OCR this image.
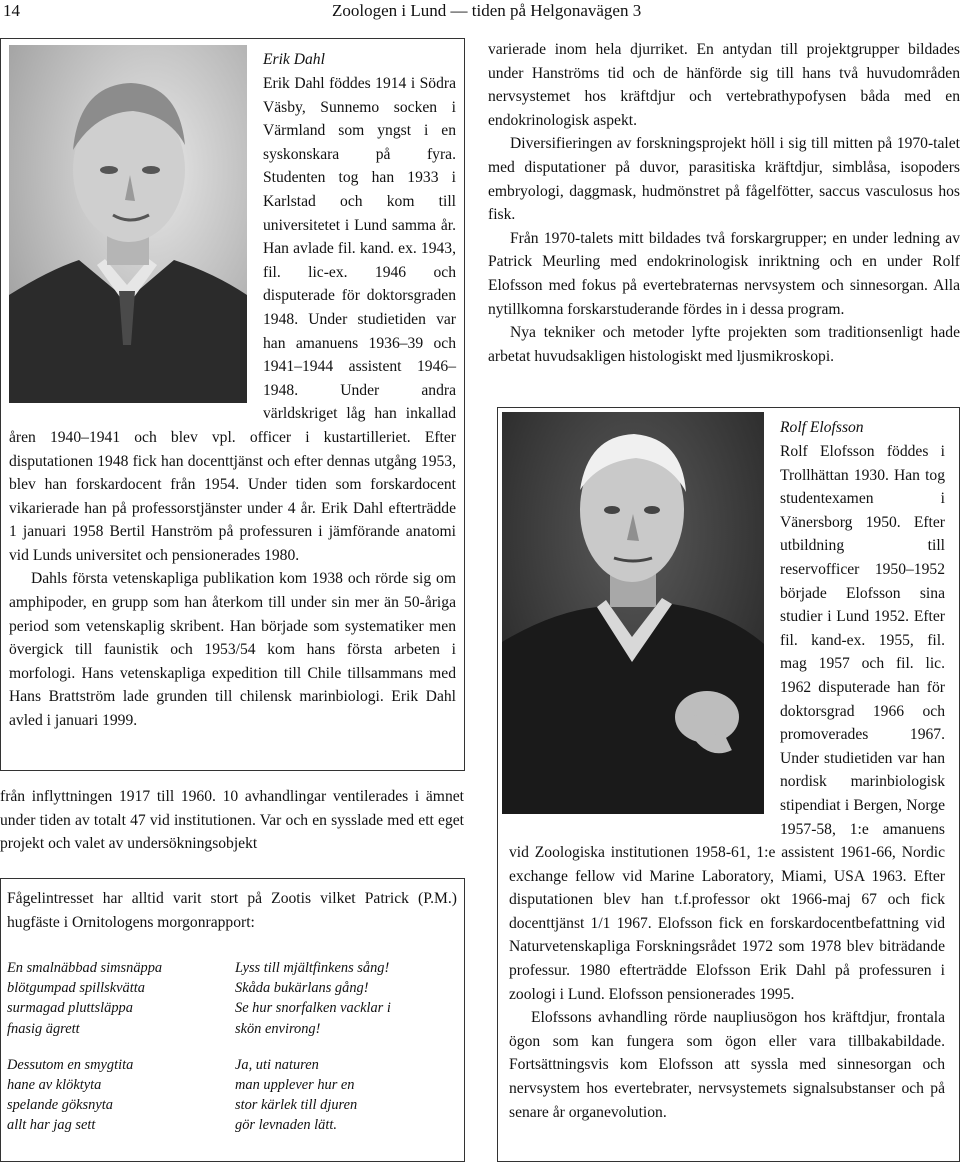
14	Zoologen i Lund — tiden på Helgonavägen 3
Erik Dahl

Erik Dahl föddes 1914 i Södra Väsby, Sunnemo socken i Värmland som yngst i en syskonskara på fyra. Studenten tog han 1933 i Karlstad och kom till universitetet i Lund samma år. Han avlade fil. kand. ex. 1943, fil. lic-ex. 1946 och disputerade för doktorsgraden 1948. Under studietiden var han amanuens 1936–39 och 1941–1944 assistent 1946–1948. Under andra världskriget låg han inkallad åren 1940–1941 och blev vpl. officer i kustartilleriet. Efter disputationen 1948 fick han docenttjänst och efter dennas utgång 1953, blev han forskardocent från 1954. Under tiden som forskardocent vikarierade han på professorstjänster under 4 år. Erik Dahl efterträdde 1 januari 1958 Bertil Hanström på professuren i jämförande anatomi vid Lunds universitet och pensionerades 1980.

Dahls första vetenskapliga publikation kom 1938 och rörde sig om amphipoder, en grupp som han återkom till under sin mer än 50-åriga period som vetenskaplig skribent. Han började som systematiker men övergick till faunistik och 1953/54 kom hans första arbeten i morfologi. Hans vetenskapliga expedition till Chile tillsammans med Hans Brattström lade grunden till chilensk marinbiologi. Erik Dahl avled i januari 1999.

från inflyttningen 1917 till 1960. 10 avhandlingar ventilerades i ämnet under tiden av totalt 47 vid institutionen. Var och en sysslade med ett eget projekt och valet av undersökningsobjekt

Fågelintresset har alltid varit stort på Zootis vilket Patrick (P.M.) hugfäste i Ornitologens morgonrapport:

En smalnäbbad simsnäppa

blötgumpad spillskvätta

surmagad pluttsläppa

fnasig ägrett

Dessutom en smygtita

hane av klöktyta

spelande göksnyta

allt har jag sett

Lyss till mjältfinkens sång!

Skåda bukärlans gång!

Se hur snorfalken vacklar i

skön environg!

Ja, uti naturen

man upplever hur en

stor kärlek till djuren

gör levnaden lätt.

varierade inom hela djurriket. En antydan till projektgrupper bildades under Hanströms tid och de hänförde sig till hans två huvudområden nervsystemet hos kräftdjur och vertebrathypofysen båda med en endokrinologisk aspekt.

Diversifieringen av forskningsprojekt höll i sig till mitten på 1970-talet med disputationer på duvor, parasitiska kräftdjur, simblåsa, isopoders embryologi, daggmask, hudmönstret på fågelfötter, saccus vasculosus hos fisk.

Från 1970-talets mitt bildades två forskargrupper; en under ledning av Patrick Meurling med endokrinologisk inriktning och en under Rolf Elofsson med fokus på evertebraternas nervsystem och sinnesorgan. Alla nytillkomna forskarstuderande fördes in i dessa program.

Nya tekniker och metoder lyfte projekten som traditionsenligt hade arbetat huvudsakligen histologiskt med ljusmikroskopi.

Rolf Elofsson

Rolf Elofsson föddes i Trollhättan 1930. Han tog studentexamen i Vänersborg 1950. Efter utbildning till reservofficer 1950–1952 började Elofsson sina studier i Lund 1952. Efter fil. kand-ex. 1955, fil. mag 1957 och fil. lic. 1962 disputerade han för doktorsgrad 1966 och promoverades 1967. Under studietiden var han nordisk marinbiologisk stipendiat i Bergen, Norge 1957-58, 1:e amanuens vid Zoologiska institutionen 1958-61, 1:e assistent 1961-66, Nordic exchange fellow vid Marine Laboratory, Miami, USA 1963. Efter disputationen blev han t.f.professor okt 1966-maj 67 och fick docenttjänst 1/1 1967. Elofsson fick en forskardocentbefattning vid Naturvetenskapliga Forskningsrådet 1972 som 1978 blev biträdande professur. 1980 efterträdde Elofsson Erik Dahl på professuren i zoologi i Lund. Elofsson pensionerades 1995.

Elofssons avhandling rörde naupliusögon hos kräftdjur, frontala ögon som kan fungera som ögon eller vara tillbakabildade. Fortsättningsvis kom Elofsson att syssla med sinnesorgan och nervsystem hos evertebrater, nervsystemets signalsubstanser och på senare år organevolution.
